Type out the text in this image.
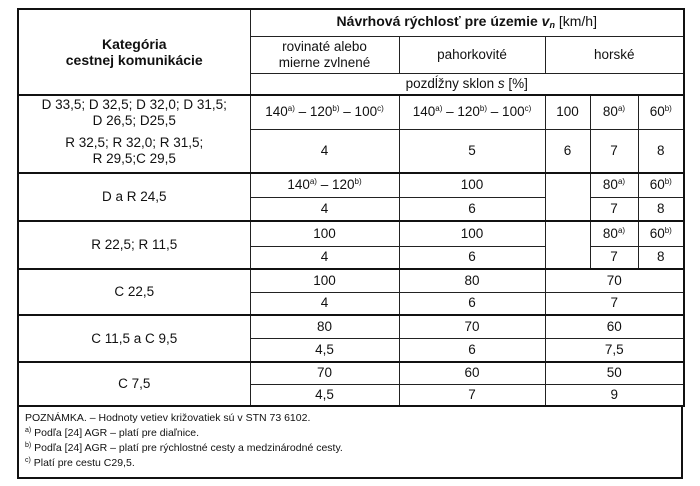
Kategória
cestnej komunikácie	Návrhová rýchlosť pre územie $v_n$ [km/h]				

	rovinaté alebo
mierne zvlnené	pahorkovité	horské		
	pozdĺžny sklon s [%]				

D 33,5; D 32,5; D 32,0; D 31,5;
D 26,5; D25,5	140$^{a)}$ – 120$^{b)}$ – 100$^{c)}$	140$^{a)}$ – 120$^{b)}$ – 100$^{c)}$	100	80$^{a)}$	60$^{b)}$

R 32,5; R 32,0; R 31,5;
R 29,5;C 29,5	4	5	6	7	8
D a R 24,5	140$^{a)}$ – 120$^{b)}$	100		80$^{a)}$	60$^{b)}$
	4	6		7	8
R 22,5; R 11,5	100	100		80$^{a)}$	60$^{b)}$
	4	6		7	8
C 22,5	100	80	70		
	4	6	7		
C 11,5 a C 9,5	80	70	60		
	4,5	6	7,5		
C 7,5	70	60	50		
	4,5	7	9		
POZNÁMKA. – Hodnoty vetiev križovatiek sú v STN 73 6102.
$^{a)}$ Podľa [24] AGR – platí pre diaľnice.
$^{b)}$ Podľa [24] AGR – platí pre rýchlostné cesty a medzinárodné cesty.
$^{c)}$ Platí pre cestu C29,5.
